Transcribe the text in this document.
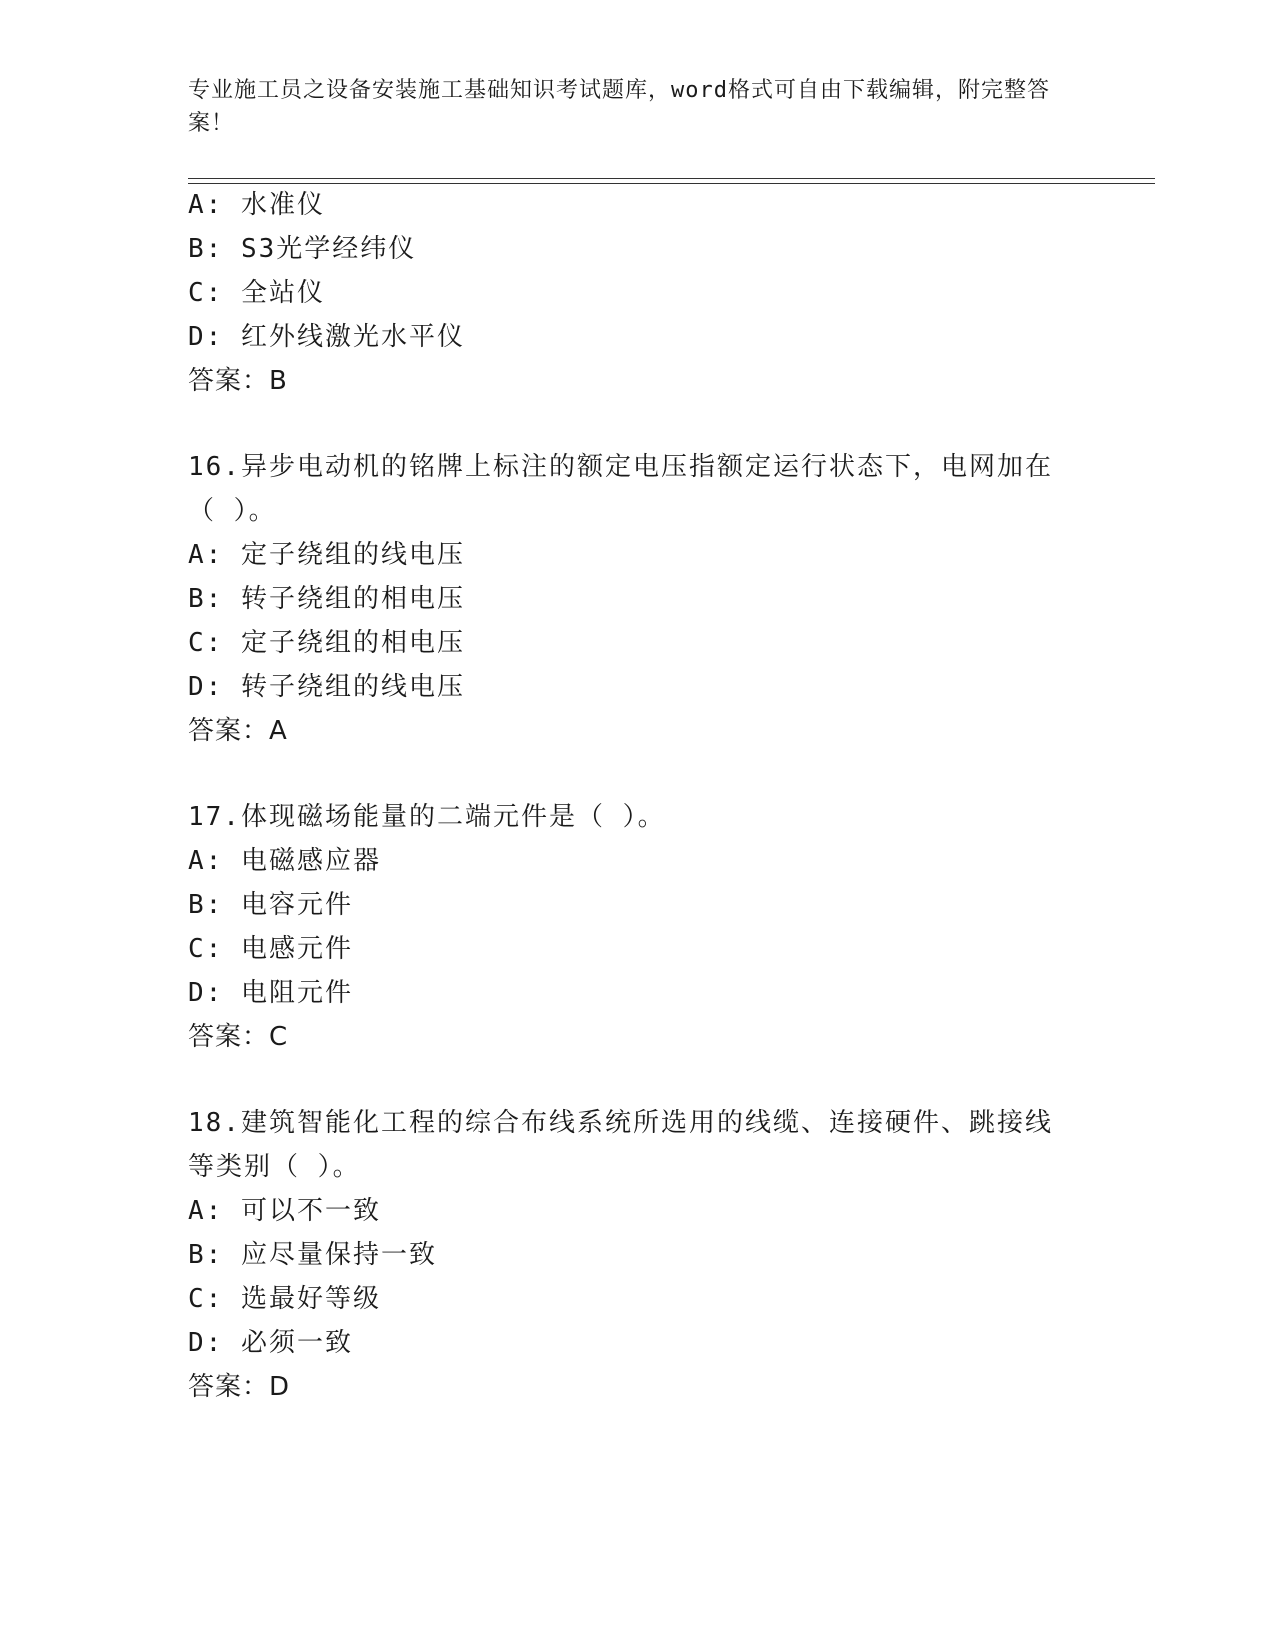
专业施工员之设备安装施工基础知识考试题库，word格式可自由下载编辑，附完整答案！
A: 水准仪
B: S3光学经纬仪
C: 全站仪
D: 红外线激光水平仪
答案：B
16.异步电动机的铭牌上标注的额定电压指额定运行状态下，电网加在
（ ）。
A: 定子绕组的线电压
B: 转子绕组的相电压
C: 定子绕组的相电压
D: 转子绕组的线电压
答案：A
17.体现磁场能量的二端元件是（ ）。
A: 电磁感应器
B: 电容元件
C: 电感元件
D: 电阻元件
答案：C
18.建筑智能化工程的综合布线系统所选用的线缆、连接硬件、跳接线
等类别（ ）。
A: 可以不一致
B: 应尽量保持一致
C: 选最好等级
D: 必须一致
答案：D
